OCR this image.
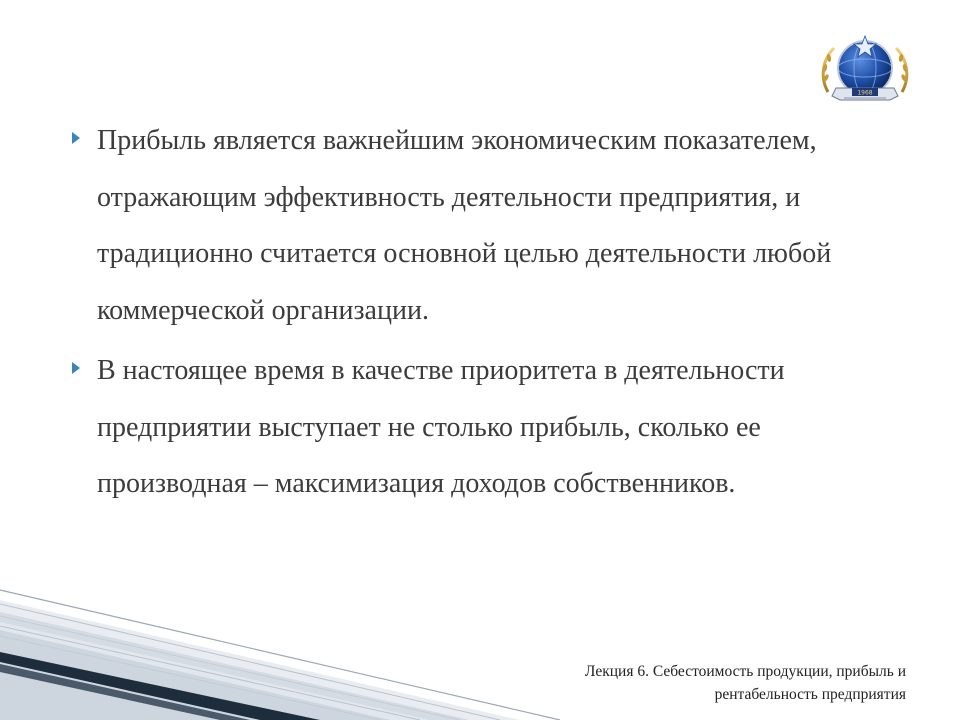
1968
Прибыль является важнейшим экономическим показателем, отражающим эффективность деятельности предприятия, и традиционно считается основной целью деятельности любой коммерческой организации.
В настоящее время в качестве приоритета в деятельности предприятии выступает не столько прибыль, сколько ее производная – максимизация доходов собственников.
Лекция 6. Себестоимость продукции, прибыль и
рентабельность предприятия
